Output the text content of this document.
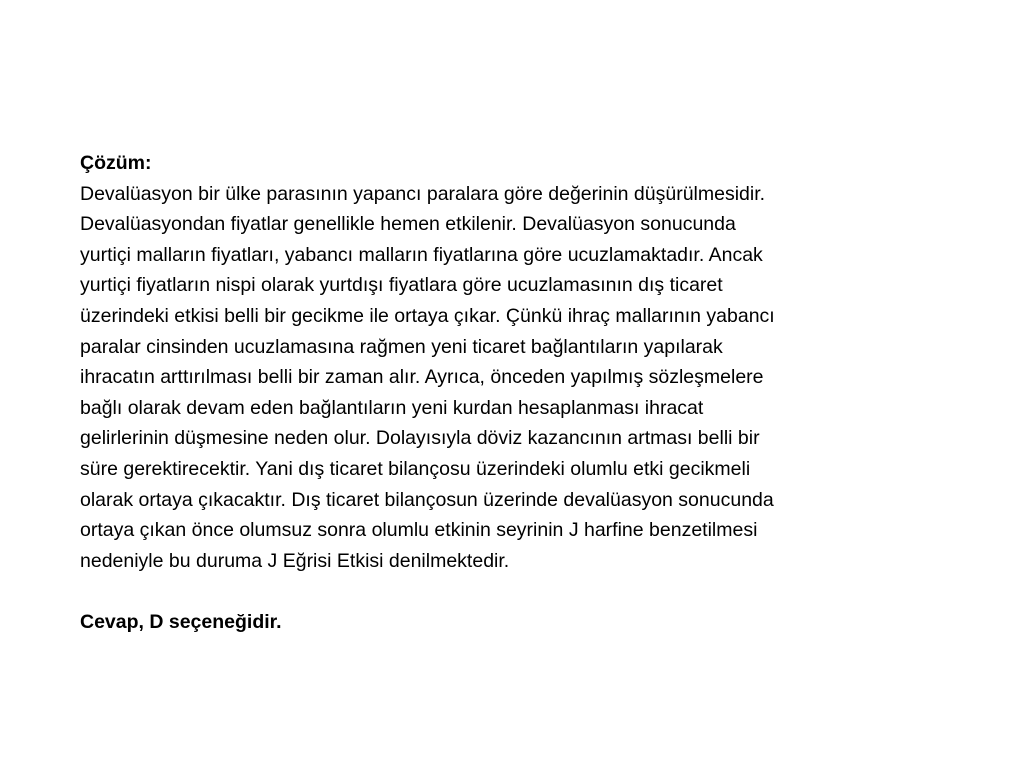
Çözüm:

Devalüasyon bir ülke parasının yapancı paralara göre değerinin düşürülmesidir.
Devalüasyondan fiyatlar genellikle hemen etkilenir. Devalüasyon sonucunda
yurtiçi malların fiyatları, yabancı malların fiyatlarına göre ucuzlamaktadır. Ancak
yurtiçi fiyatların nispi olarak yurtdışı fiyatlara göre ucuzlamasının dış ticaret
üzerindeki etkisi belli bir gecikme ile ortaya çıkar. Çünkü ihraç mallarının yabancı
paralar cinsinden ucuzlamasına rağmen yeni ticaret bağlantıların yapılarak
ihracatın arttırılması belli bir zaman alır. Ayrıca, önceden yapılmış sözleşmelere
bağlı olarak devam eden bağlantıların yeni kurdan hesaplanması ihracat
gelirlerinin düşmesine neden olur. Dolayısıyla döviz kazancının artması belli bir
süre gerektirecektir. Yani dış ticaret bilançosu üzerindeki olumlu etki gecikmeli
olarak ortaya çıkacaktır. Dış ticaret bilançosun üzerinde devalüasyon sonucunda
ortaya çıkan önce olumsuz sonra olumlu etkinin seyrinin J harfine benzetilmesi
nedeniyle bu duruma J Eğrisi Etkisi denilmektedir.

Cevap, D seçeneğidir.
